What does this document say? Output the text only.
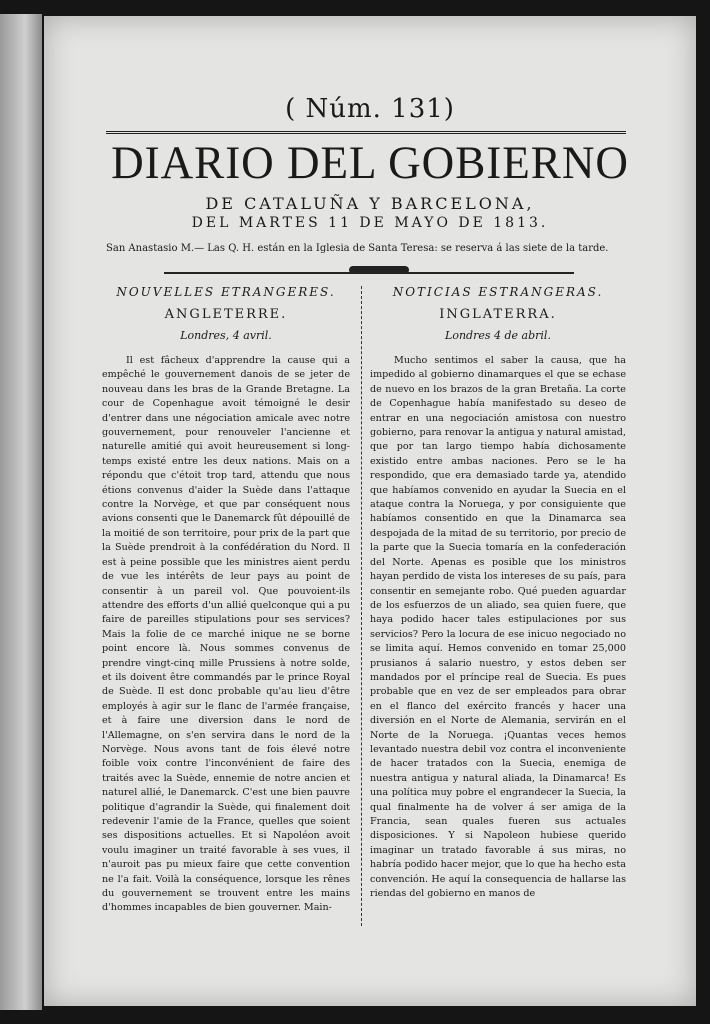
( Núm. 131)
DIARIO DEL GOBIERNO
DE CATALUÑA Y BARCELONA,
DEL MARTES 11 DE MAYO DE 1813.
San Anastasio M.— Las Q. H. están en la Iglesia de Santa Teresa: se reserva á las siete de la tarde.
NOUVELLES ETRANGERES.
ANGLETERRE.
Londres, 4 avril.
Il est fâcheux d'apprendre la cause qui a empêché le gouvernement danois de se jeter de nouveau dans les bras de la Grande Bretagne. La cour de Copenhague avoit témoigné le desir d'entrer dans une négociation amicale avec notre gouvernement, pour renouveler l'ancienne et naturelle amitié qui avoit heureusement si long-temps existé entre les deux nations. Mais on a répondu que c'étoit trop tard, attendu que nous étions convenus d'aider la Suède dans l'attaque contre la Norvège, et que par conséquent nous avions consenti que le Danemarck fût dépouillé de la moitié de son territoire, pour prix de la part que la Suède prendroit à la confédération du Nord. Il est à peine possible que les ministres aient perdu de vue les intérêts de leur pays au point de consentir à un pareil vol. Que pouvoient-ils attendre des efforts d'un allié quelconque qui a pu faire de pareilles stipulations pour ses services? Mais la folie de ce marché inique ne se borne point encore là. Nous sommes convenus de prendre vingt-cinq mille Prussiens à notre solde, et ils doivent être commandés par le prince Royal de Suède. Il est donc probable qu'au lieu d'être employés à agir sur le flanc de l'armée française, et à faire une diversion dans le nord de l'Allemagne, on s'en servira dans le nord de la Norvège. Nous avons tant de fois élevé notre foible voix contre l'inconvénient de faire des traités avec la Suède, ennemie de notre ancien et naturel allié, le Danemarck. C'est une bien pauvre politique d'agrandir la Suède, qui finalement doit redevenir l'amie de la France, quelles que soient ses dispositions actuelles. Et si Napoléon avoit voulu imaginer un traité favorable à ses vues, il n'auroit pas pu mieux faire que cette convention ne l'a fait. Voilà la conséquence, lorsque les rênes du gouvernement se trouvent entre les mains d'hommes incapables de bien gouverner. Main-
NOTICIAS ESTRANGERAS.
INGLATERRA.
Londres 4 de abril.
Mucho sentimos el saber la causa, que ha impedido al gobierno dinamarques el que se echase de nuevo en los brazos de la gran Bretaña. La corte de Copenhague había manifestado su deseo de entrar en una negociación amistosa con nuestro gobierno, para renovar la antigua y natural amistad, que por tan largo tiempo había dichosamente existido entre ambas naciones. Pero se le ha respondido, que era demasiado tarde ya, atendido que habíamos convenido en ayudar la Suecia en el ataque contra la Noruega, y por consiguiente que habíamos consentido en que la Dinamarca sea despojada de la mitad de su territorio, por precio de la parte que la Suecia tomaría en la confederación del Norte. Apenas es posible que los ministros hayan perdido de vista los intereses de su país, para consentir en semejante robo. Qué pueden aguardar de los esfuerzos de un aliado, sea quien fuere, que haya podido hacer tales estipulaciones por sus servicios? Pero la locura de ese inicuo negociado no se limita aquí. Hemos convenido en tomar 25,000 prusianos á salario nuestro, y estos deben ser mandados por el príncipe real de Suecia. Es pues probable que en vez de ser empleados para obrar en el flanco del exército francés y hacer una diversión en el Norte de Alemania, servirán en el Norte de la Noruega. ¡Quantas veces hemos levantado nuestra debil voz contra el inconveniente de hacer tratados con la Suecia, enemiga de nuestra antigua y natural aliada, la Dinamarca! Es una política muy pobre el engrandecer la Suecia, la qual finalmente ha de volver á ser amiga de la Francia, sean quales fueren sus actuales disposiciones. Y si Napoleon hubiese querido imaginar un tratado favorable á sus miras, no habría podido hacer mejor, que lo que ha hecho esta convención. He aquí la consequencia de hallarse las riendas del gobierno en manos de
